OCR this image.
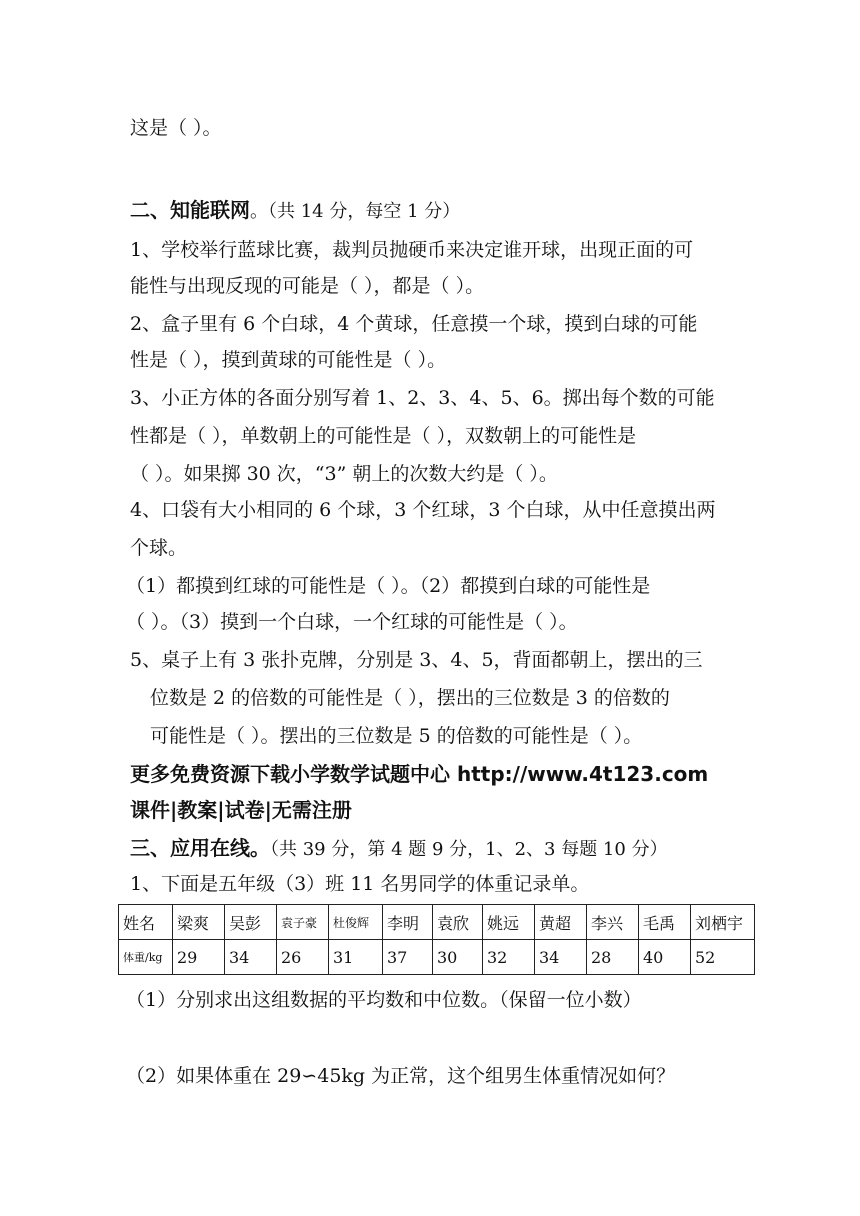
这是（ ）。
二、知能联网。（共 14 分，每空 1 分）
1、学校举行蓝球比赛，裁判员抛硬币来决定谁开球，出现正面的可
能性与出现反现的可能是（ ），都是（ ）。
2、盒子里有 6 个白球，4 个黄球，任意摸一个球，摸到白球的可能
性是（ ），摸到黄球的可能性是（ ）。
3、小正方体的各面分别写着 1、2、3、4、5、6。掷出每个数的可能
性都是（ ），单数朝上的可能性是（ ），双数朝上的可能性是
（ ）。如果掷 30 次，“3” 朝上的次数大约是（ ）。
4、口袋有大小相同的 6 个球，3 个红球，3 个白球，从中任意摸出两
个球。
（1）都摸到红球的可能性是（ ）。（2）都摸到白球的可能性是
（ ）。（3）摸到一个白球，一个红球的可能性是（ ）。
5、桌子上有 3 张扑克牌，分别是 3、4、5，背面都朝上，摆出的三
位数是 2 的倍数的可能性是（ ），摆出的三位数是 3 的倍数的
可能性是（ ）。摆出的三位数是 5 的倍数的可能性是（ ）。
更多免费资源下载小学数学试题中心 http://www.4t123.com
课件|教案|试卷|无需注册
三、应用在线。（共 39 分，第 4 题 9 分，1、2、3 每题 10 分）
1、下面是五年级（3）班 11 名男同学的体重记录单。
姓名	梁爽	吴彭	袁子豪	杜俊辉	李明	袁欣	姚远	黄超	李兴	毛禹	刘栖宇
体重/kg	29	34	26	31	37	30	32	34	28	40	52
（1）分别求出这组数据的平均数和中位数。（保留一位小数）
（2）如果体重在 29∽45kg 为正常，这个组男生体重情况如何？
